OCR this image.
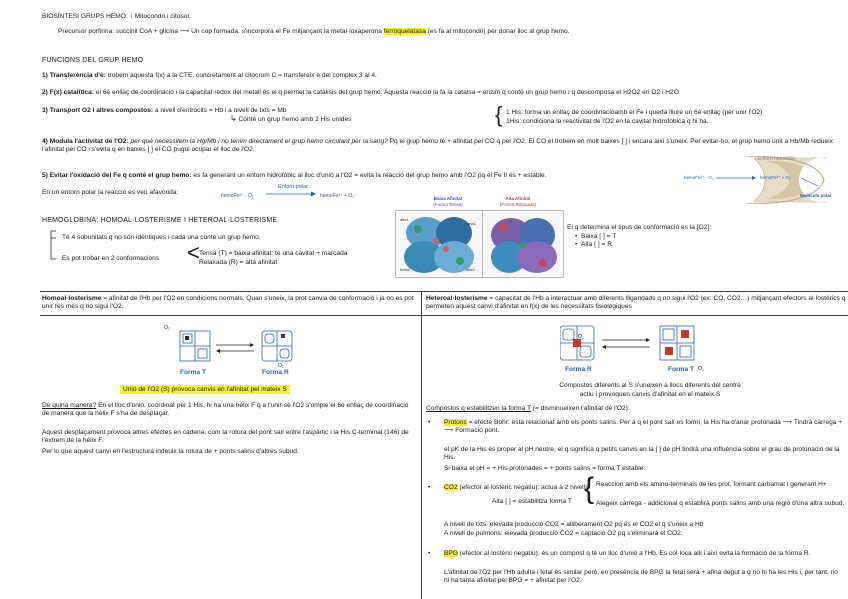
BIOSÍNTESI GRUPS HEMO: ↑ Mitocondri i citosol.
Precursor porfirina: succinil CoA + glicina ⟶ Un cop formada, s'incorpora el Fe mitjançant la metal·loxaperona ferroquelatasa (es fa al mitocondri) per donar lloc al grup hemo.
FUNCIONS DEL GRUP HEMO
1) Transferència d'è: trobem aquesta f(x) a la CTE, concretament al citocrom C = transfereix è del complex 3 al 4.
2) F(x) catalítica: el 6è enllaç de coordinació i la capacitat redox del metall és el q permet la catàlisis del grup hemo. Aquesta reacció la fa la catalsa = enzim q conté un grup hemo i q descomposa el H2O2 en O2 i H2O
3) Transport O2 i altres compostos: a nivell d'eritròcits = Hb i a nivell de txts = Mb
↳ Conté un grup hemo amb 2 His unides	{ 1 His: forma un enllaç de coordinacióamb el Fe i queda lliure un 6è enllaç (per unir l'O2)
1His: condiciona la reactivitat de l'O2 en la cavitat hidrofòbica q hi ha.
4) Modula l'activitat de l'O2: per què necessitem la Hg/Mb i no tenim directament el grup hemo circulant per la sang? Pq el grup hemo té + afinitat pel CO q per l'O2. El CO el trobem en molt baixes [ ] i encara així s'uneix. Per evitar-ho, el grup hemo unit a Hb/Mb redueix l'afinitat pel CO i s'evita q en baixes [ ] el CO pugui ocupar el lloc de l'O2.
5) Evitar l'oxidació del Fe q conté el grup hemo: es fa generant un entorn hidrofòbic al lloc d'unió a l'O2 = evita la reacció del grup hemo amb l'O2 pq el Fe II és + estable.
En un entorn polar la reacció es veu afavorida:	hemoFe²⁺ · O₂
Entorn polar
hemoFe³⁺ + O₂⁻
Entorn hidrofòbic
hemoFe²⁺ · O₂	hemoFe³⁺ + O₂⁻
Molècula polar
HEMOGLOBINA: HOMOAL·LOSTERISME I HETEROAL·LOSTERISME
Té 4 subunitats q no són idèntiques i cada una conté un grup hemo.
Es pot trobar en 2 conformacions < Tensa (T) = baixa afinitat: té una cavitat + marcada
Relaxada (R) = alta afinitat
Baixa Afinitat
(Forma Tensa)
Alta Afinitat
(Forma Relaxada)
alfa1
beta1
beta2	alfa2
El q determina el tipus de conformació es la [O2]:
•  Baixa [ ] = T
•  Alta [ ] = R
Homoal·losterisme = afinitat de l'Hb per l'O2 en condicions normals. Quan s'uneix, la prot canvia de conformació i ja no es pot unir res més q no sigui l'O2.
O₂
O₂
Forma T	Forma R
Unió de l'O2 (S) provoca canvis en l'afinitat pel mateix S
De quina manera? En el lloc d'unió, coordinat per 1 His, hi ha una hèlix F q a l'unir-se l'O2 s'omple el 6è enllaç de coordinació de manera que la hèlix F s'ha de desplaçar.
Aquest desplaçament provoca altres efectes en cadena, com la rotura del pont salí entre l'aspàrtic i la His C-terminal (146) de l'extrem de la hèlix F.
Per lo que aquest canvi en l'estructura indeuix la rotura de + ponts salins d'altres subud.
Heteroal·losterisme = capacitat de l'Hb a interactuar amb diferents lligandads q no sigui l'O2 (ex: CO, CO2…) mitjançant efectors al·lostèrics q permeten aquest canvi d'afinitat en f(x) de les necessitats fisiològiques
O₂
O₂
Forma R	Forma T
Compostos diferents al S s'uneixen a llocs diferents del centre
actiu i provoquen canvis d'afinitat en el mateix S
Compostos q estabilitzen la forma T (= disminueixen l'afinitat de l'O2):
• Protons = efecte Bohr: està relacionat amb els ponts salins. Per a q el pont salí es formi, la His ha d'anar protonada ⟶ Tindrà càrrega + ⟶ Formació pont.
el pK de la His és proper al pH neutre, el q significa q petits canvis en la [ ] de pH tindrà una influència sobre el grau de protonació de la His.
Si baixa el pH = + His protonades = + ponts salins = forma T estable.
• CO2 (efector al·lostèric negatiu): actua a 2 nivells
Alta [ ] = estabilitza forma T { Reaccion amb els amino-terminals de les prot, formant carbamat i generant H+
Alegeix càrrega - addicional q establirà ponts salins amb una regió d'una altra subud.
A nivell de txts: elevada producció CO2 = alliberament O2 pq és el CO2 el q s'uneix a Hb
A nivell de pulmons: elevada producció CO2 = captació O2 pq s'eliminarà el CO2.
• BPG (efector al·lostèric negatiu): és un compost q té un lloc d'unió a l'Hb. Es col·loca allí i així evita la formació de la forma R.
L'afinitat de l'O2 per l'Hb adulta i fetal és similar però, en presència de BPG la fetal serà + afina degut a q no hi ha les His i, per tant, no hi ha tanta afinitat pel BPG = + afinitat per l'O2.
